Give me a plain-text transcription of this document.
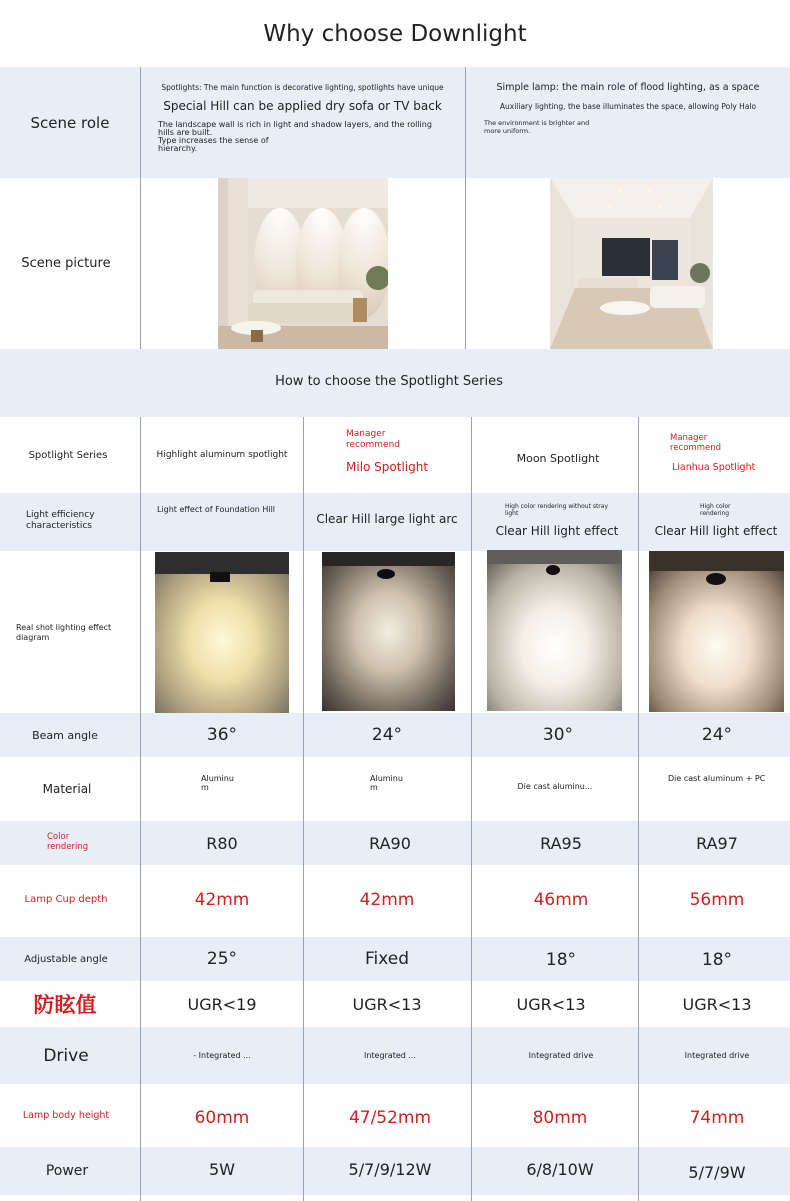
Why choose Downlight
Scene role
Spotlights: The main function is decorative lighting, spotlights have unique
Special Hill can be applied dry sofa or TV back
The landscape wall is rich in light and shadow layers, and the rolling hills are built.
Type increases the sense of hierarchy.
Simple lamp: the main role of flood lighting, as a space
Auxiliary lighting, the base illuminates the space, allowing Poly Halo
The environment is brighter and more uniform.
Scene picture
How to choose the Spotlight Series
Spotlight Series
Light efficiency characteristics
Real shot lighting effect diagram
Beam angle
Material
Color rendering
Lamp Cup depth
Adjustable angle
防眩值
Drive
Lamp body height
Power
Highlight aluminum spotlight
Light effect of Foundation Hill
36°
Aluminu m
R80
42mm
25°
UGR<19
- Integrated ...
60mm
5W
Manager recommend
Milo Spotlight
Clear Hill large light arc
24°
Aluminu m
RA90
42mm
Fixed
UGR<13
Integrated ...
47/52mm
5/7/9/12W
Moon Spotlight
High color rendering without stray light
Clear Hill light effect
30°
Die cast aluminu...
RA95
46mm
18°
UGR<13
Integrated drive
80mm
6/8/10W
Manager recommend
Lianhua Spotlight
High color rendering
Clear Hill light effect
24°
Die cast aluminum + PC
RA97
56mm
18°
UGR<13
Integrated drive
74mm
5/7/9W
